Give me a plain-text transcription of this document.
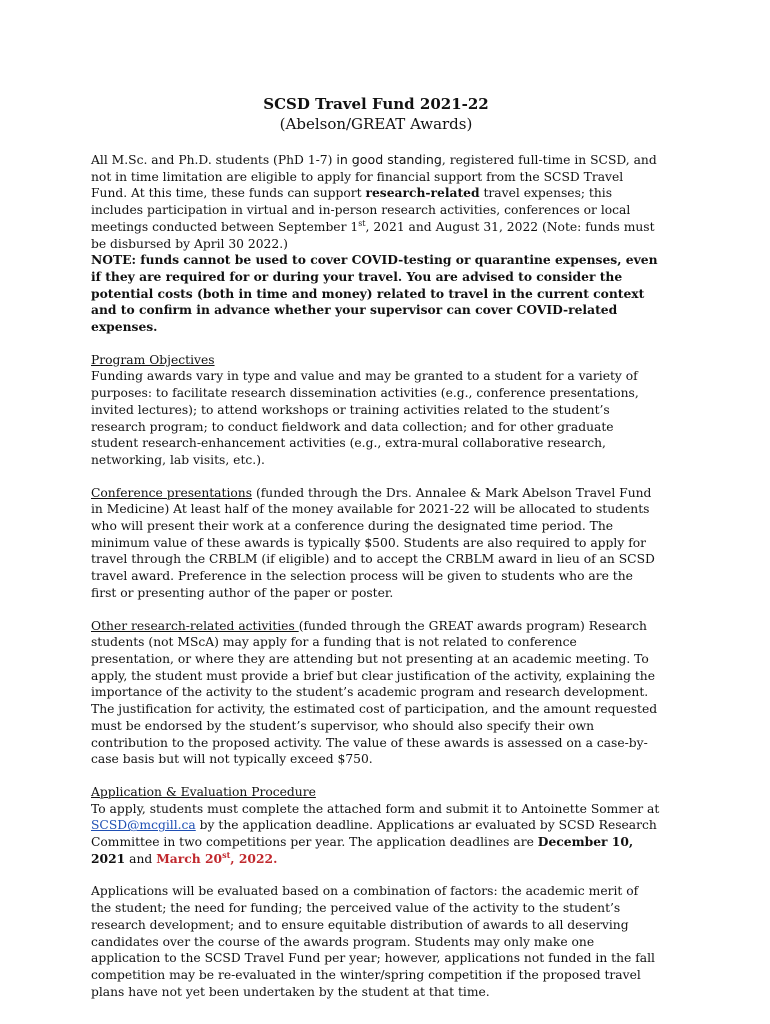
SCSD Travel Fund 2021-22
(Abelson/GREAT Awards)

All M.Sc. and Ph.D. students (PhD 1-7) in good standing, registered full-time in SCSD, and not in time limitation are eligible to apply for financial support from the SCSD Travel Fund. At this time, these funds can support research-related travel expenses; this includes participation in virtual and in-person research activities, conferences or local meetings conducted between September 1st, 2021 and August 31, 2022 (Note: funds must be disbursed by April 30 2022.)
NOTE: funds cannot be used to cover COVID-testing or quarantine expenses, even if they are required for or during your travel. You are advised to consider the potential costs (both in time and money) related to travel in the current context and to confirm in advance whether your supervisor can cover COVID-related expenses.

Program Objectives
Funding awards vary in type and value and may be granted to a student for a variety of purposes: to facilitate research dissemination activities (e.g., conference presentations, invited lectures); to attend workshops or training activities related to the student’s research program; to conduct fieldwork and data collection; and for other graduate student research-enhancement activities (e.g., extra-mural collaborative research, networking, lab visits, etc.).

Conference presentations (funded through the Drs. Annalee & Mark Abelson Travel Fund in Medicine) At least half of the money available for 2021-22 will be allocated to students who will present their work at a conference during the designated time period. The minimum value of these awards is typically $500. Students are also required to apply for travel through the CRBLM (if eligible) and to accept the CRBLM award in lieu of an SCSD travel award. Preference in the selection process will be given to students who are the first or presenting author of the paper or poster.

Other research-related activities (funded through the GREAT awards program) Research students (not MScA) may apply for a funding that is not related to conference presentation, or where they are attending but not presenting at an academic meeting. To apply, the student must provide a brief but clear justification of the activity, explaining the importance of the activity to the student’s academic program and research development. The justification for activity, the estimated cost of participation, and the amount requested must be endorsed by the student’s supervisor, who should also specify their own contribution to the proposed activity. The value of these awards is assessed on a case-by-case basis but will not typically exceed $750.

Application & Evaluation Procedure
To apply, students must complete the attached form and submit it to Antoinette Sommer at SCSD@mcgill.ca by the application deadline. Applications ar evaluated by SCSD Research Committee in two competitions per year. The application deadlines are December 10, 2021 and March 20st, 2022.

Applications will be evaluated based on a combination of factors: the academic merit of the student; the need for funding; the perceived value of the activity to the student’s research development; and to ensure equitable distribution of awards to all deserving candidates over the course of the awards program. Students may only make one application to the SCSD Travel Fund per year; however, applications not funded in the fall competition may be re-evaluated in the winter/spring competition if the proposed travel plans have not yet been undertaken by the student at that time.
